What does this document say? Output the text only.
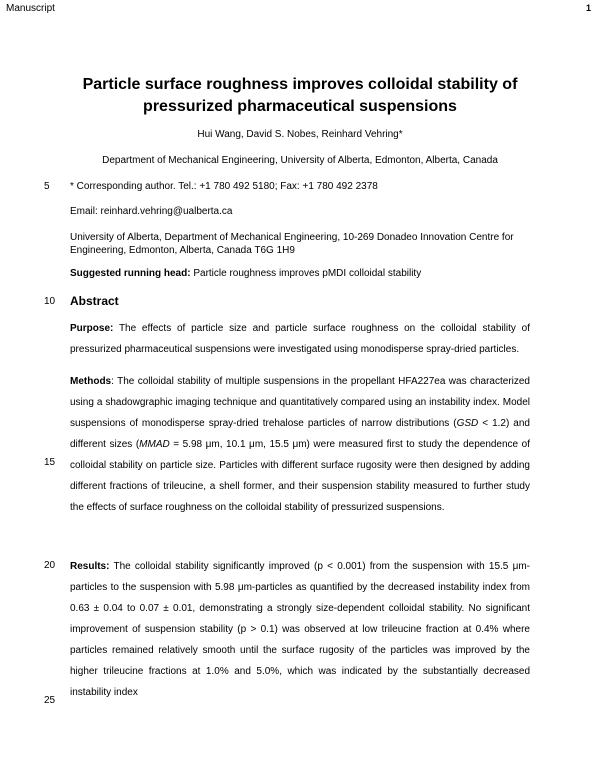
Manuscript	1
Particle surface roughness improves colloidal stability of pressurized pharmaceutical suspensions
Hui Wang, David S. Nobes, Reinhard Vehring*
Department of Mechanical Engineering, University of Alberta, Edmonton, Alberta, Canada
5 * Corresponding author. Tel.: +1 780 492 5180; Fax: +1 780 492 2378
Email: reinhard.vehring@ualberta.ca
University of Alberta, Department of Mechanical Engineering, 10-269 Donadeo Innovation Centre for Engineering, Edmonton, Alberta, Canada T6G 1H9
Suggested running head: Particle roughness improves pMDI colloidal stability
10 Abstract
Purpose: The effects of particle size and particle surface roughness on the colloidal stability of pressurized pharmaceutical suspensions were investigated using monodisperse spray-dried particles.
Methods: The colloidal stability of multiple suspensions in the propellant HFA227ea was characterized using a shadowgraphic imaging technique and quantitatively compared using an instability index. Model suspensions of monodisperse spray-dried trehalose particles of narrow distributions (GSD < 1.2) and different sizes (MMAD = 5.98 μm, 10.1 μm, 15.5 μm) were measured first to study the dependence of colloidal stability on particle size. Particles with different surface rugosity were then designed by adding different fractions of trileucine, a shell former, and their suspension stability measured to further study the effects of surface roughness on the colloidal stability of pressurized suspensions.
15
20 Results: The colloidal stability significantly improved (p < 0.001) from the suspension with 15.5 μm-particles to the suspension with 5.98 μm-particles as quantified by the decreased instability index from 0.63 ± 0.04 to 0.07 ± 0.01, demonstrating a strongly size-dependent colloidal stability. No significant improvement of suspension stability (p > 0.1) was observed at low trileucine fraction at 0.4% where particles remained relatively smooth until the surface rugosity of the particles was improved by the higher trileucine fractions at 1.0% and 5.0%, which was indicated by the substantially decreased instability index
25
